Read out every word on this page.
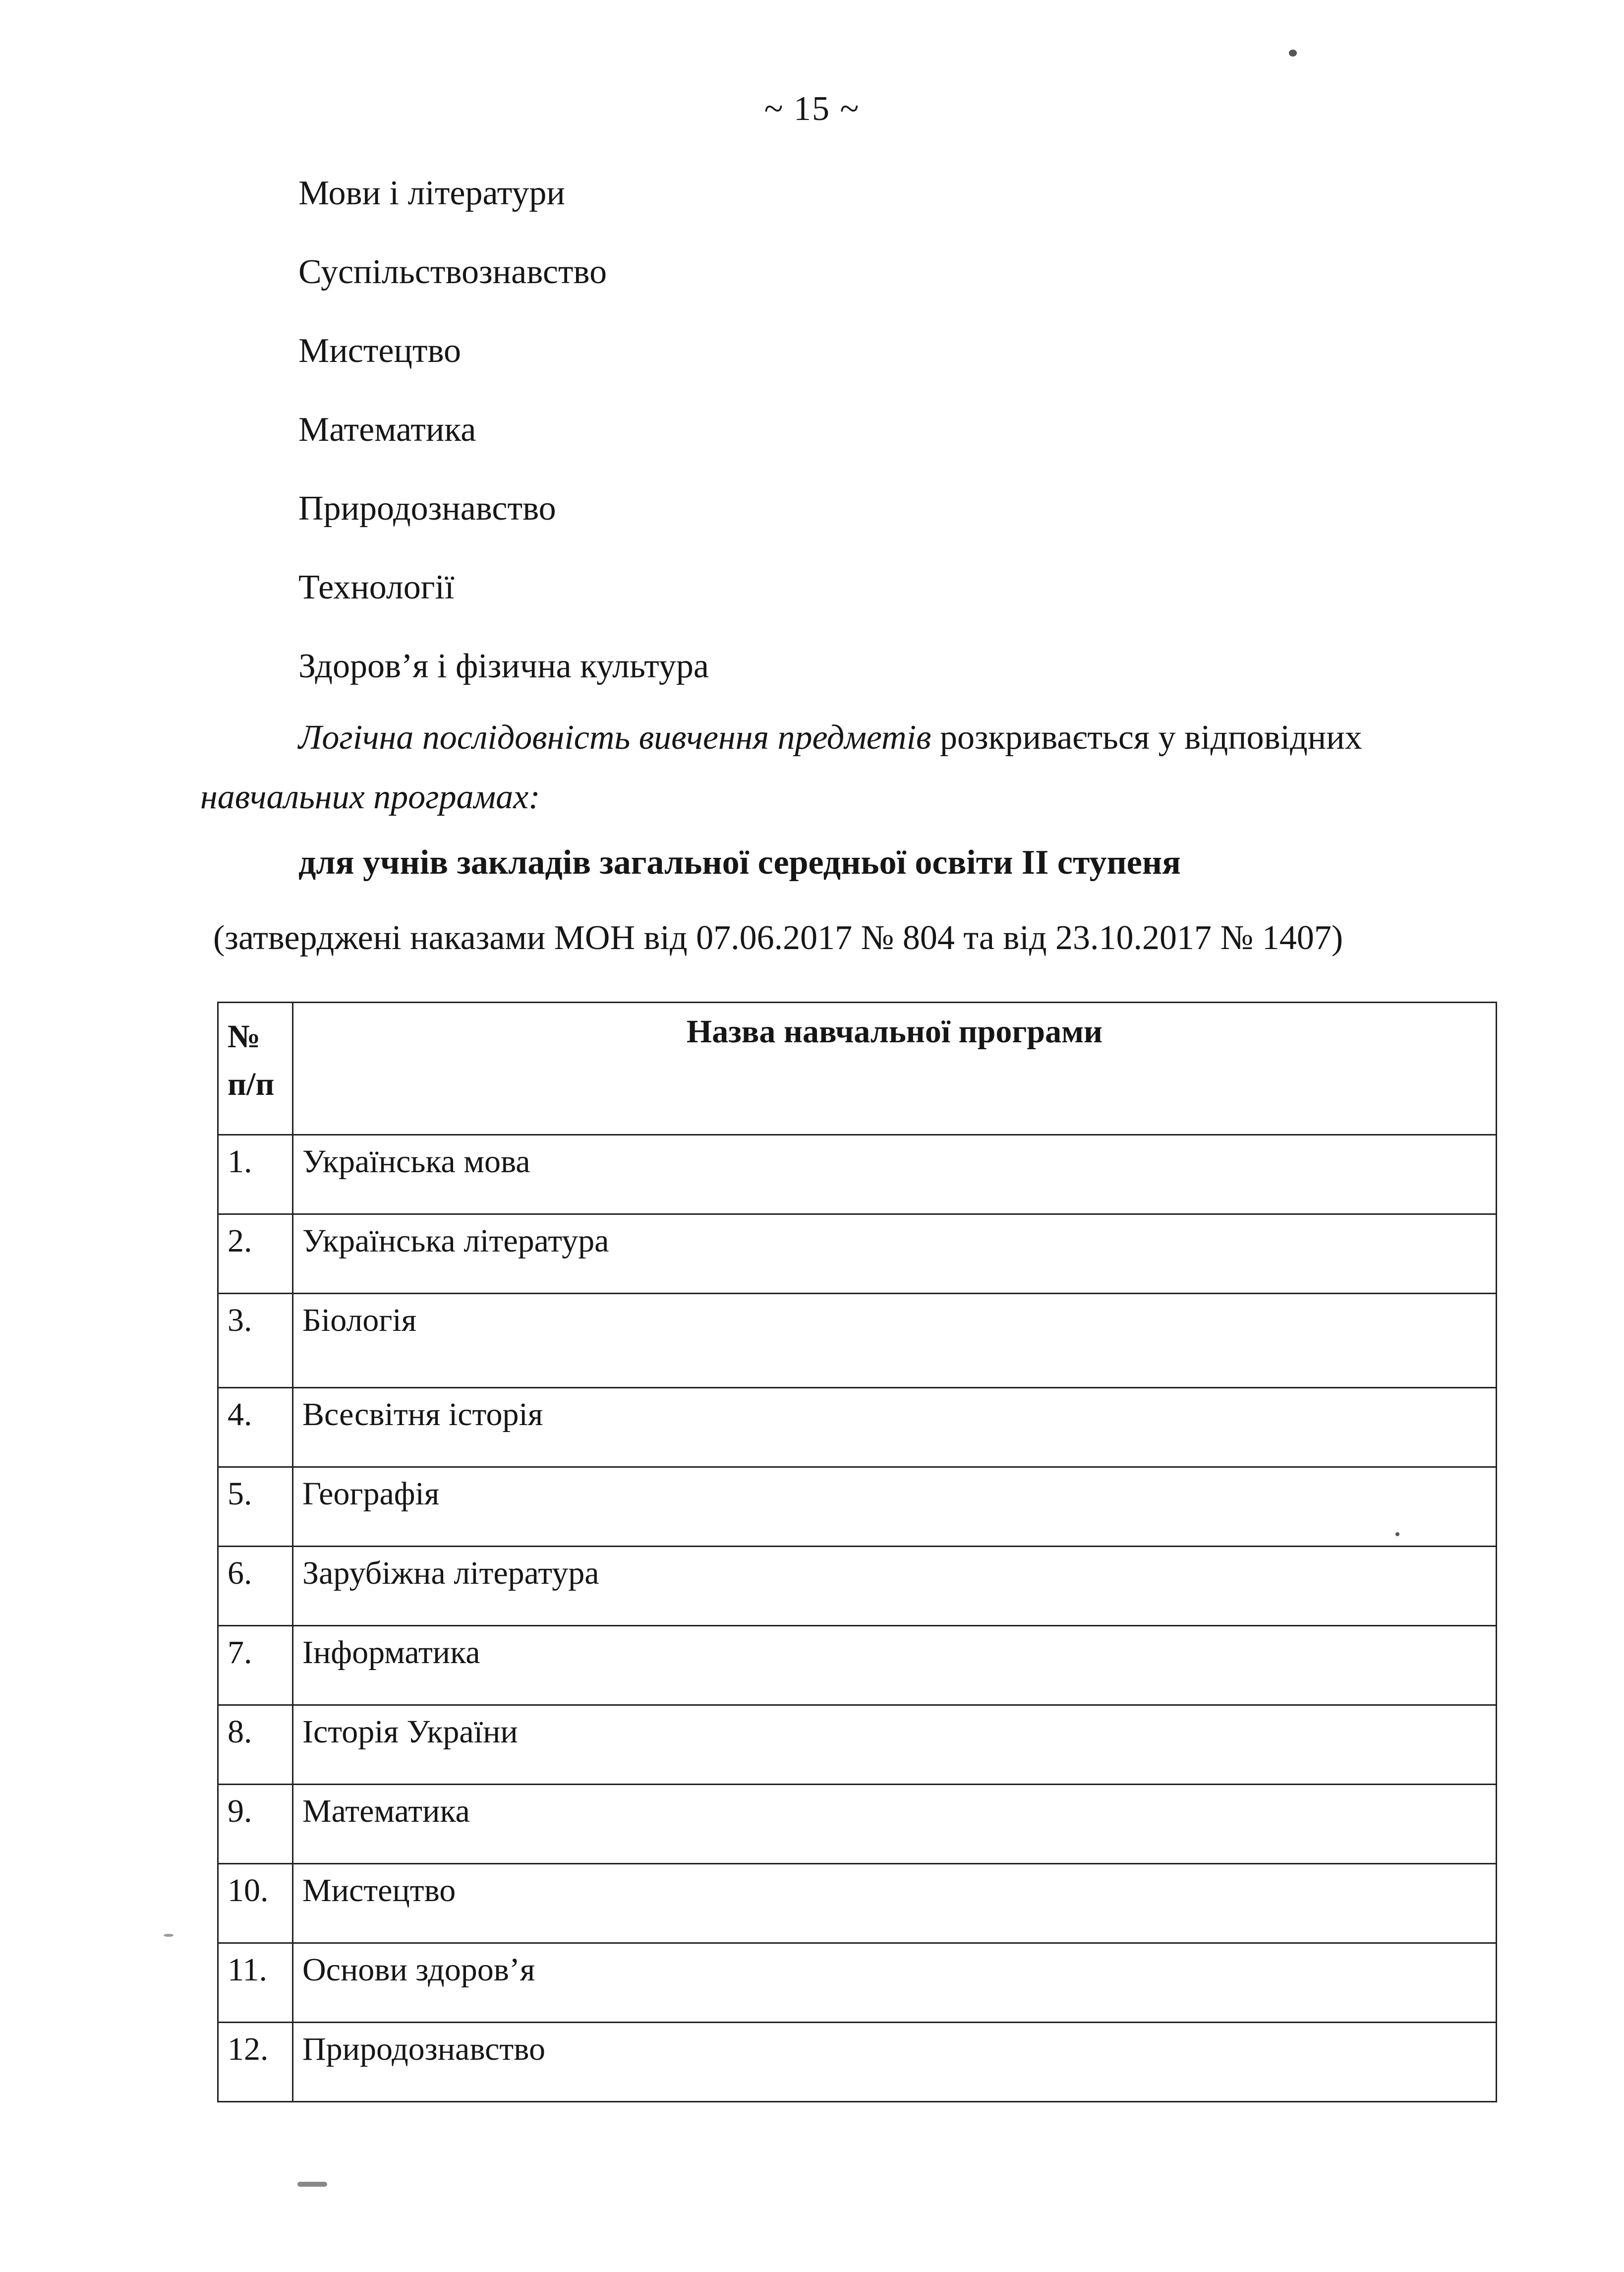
~ 15 ~
Мови і літератури
Суспільствознавство
Мистецтво
Математика
Природознавство
Технології
Здоров’я і фізична культура

Логічна послідовність вивчення предметів розкривається у відповідних навчальних програмах:

для учнів закладів загальної середньої освіти ІІ ступеня

(затверджені наказами МОН від 07.06.2017 № 804 та від 23.10.2017 № 1407)

№ п/п	Назва навчальної програми
1.	Українська мова
2.	Українська література
3.	Біологія
4.	Всесвітня історія
5.	Географія
6.	Зарубіжна література
7.	Інформатика
8.	Історія України
9.	Математика
10.	Мистецтво
11.	Основи здоров’я
12.	Природознавство
